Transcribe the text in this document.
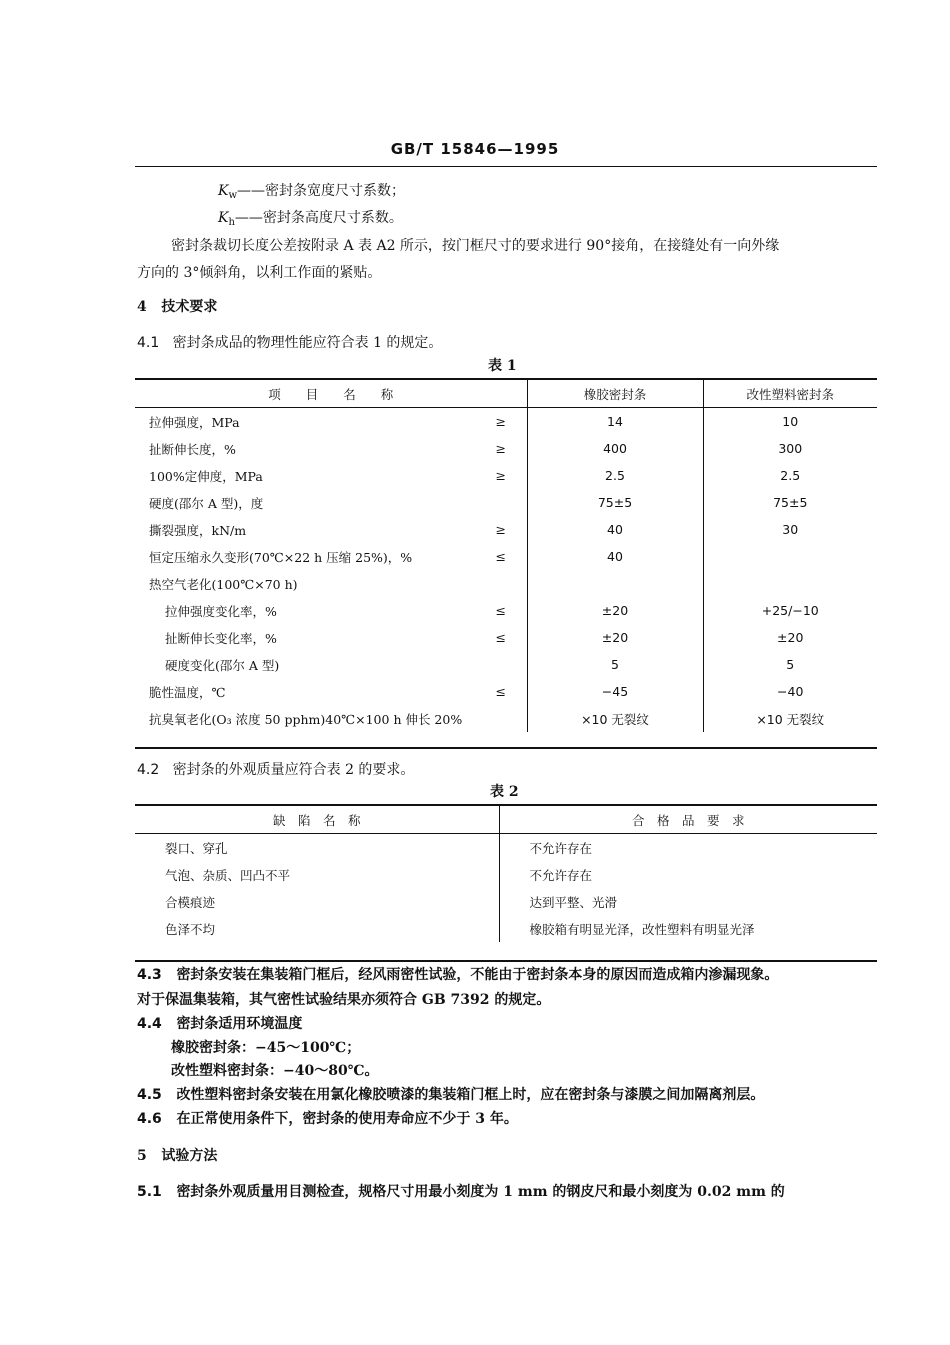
GB/T 15846—1995
$K_w——$密封条宽度尺寸系数；
$K_h——$密封条高度尺寸系数。
密封条裁切长度公差按附录 A 表 A2 所示，按门框尺寸的要求进行 90°接角，在接缝处有一向外缘
方向的 3°倾斜角，以利工作面的紧贴。
4 技术要求
4.1 密封条成品的物理性能应符合表 1 的规定。
表 1
项　　目　　名　　称		橡胶密封条	改性塑料密封条
拉伸强度，MPa	≥	14	10
扯断伸长度，%	≥	400	300
100%定伸度，MPa	≥	2.5	2.5
硬度(邵尔 A 型)，度		75±5	75±5
撕裂强度，kN/m	≥	40	30
恒定压缩永久变形(70℃×22 h 压缩 25%)，%	≤	40	
热空气老化(100℃×70 h)			
拉伸强度变化率，%	≤	±20	+25/−10
扯断伸长变化率，%	≤	±20	±20
硬度变化(邵尔 A 型)		5	5
脆性温度，℃	≤	−45	−40
抗臭氧老化(O₃ 浓度 50 pphm)40℃×100 h 伸长 20%		×10 无裂纹	×10 无裂纹
4.2 密封条的外观质量应符合表 2 的要求。
表 2
缺　陷　名　称	合　格　品　要　求
裂口、穿孔	不允许存在
气泡、杂质、凹凸不平	不允许存在
合模痕迹	达到平整、光滑
色泽不均	橡胶箱有明显光泽，改性塑料有明显光泽
4.3 密封条安装在集装箱门框后，经风雨密性试验，不能由于密封条本身的原因而造成箱内渗漏现象。
对于保温集装箱，其气密性试验结果亦须符合 GB 7392 的规定。
4.4 密封条适用环境温度
橡胶密封条：−45～100℃；
改性塑料密封条：−40～80℃。
4.5 改性塑料密封条安装在用氯化橡胶喷漆的集装箱门框上时，应在密封条与漆膜之间加隔离剂层。
4.6 在正常使用条件下，密封条的使用寿命应不少于 3 年。
5 试验方法
5.1 密封条外观质量用目测检查，规格尺寸用最小刻度为 1 mm 的钢皮尺和最小刻度为 0.02 mm 的
